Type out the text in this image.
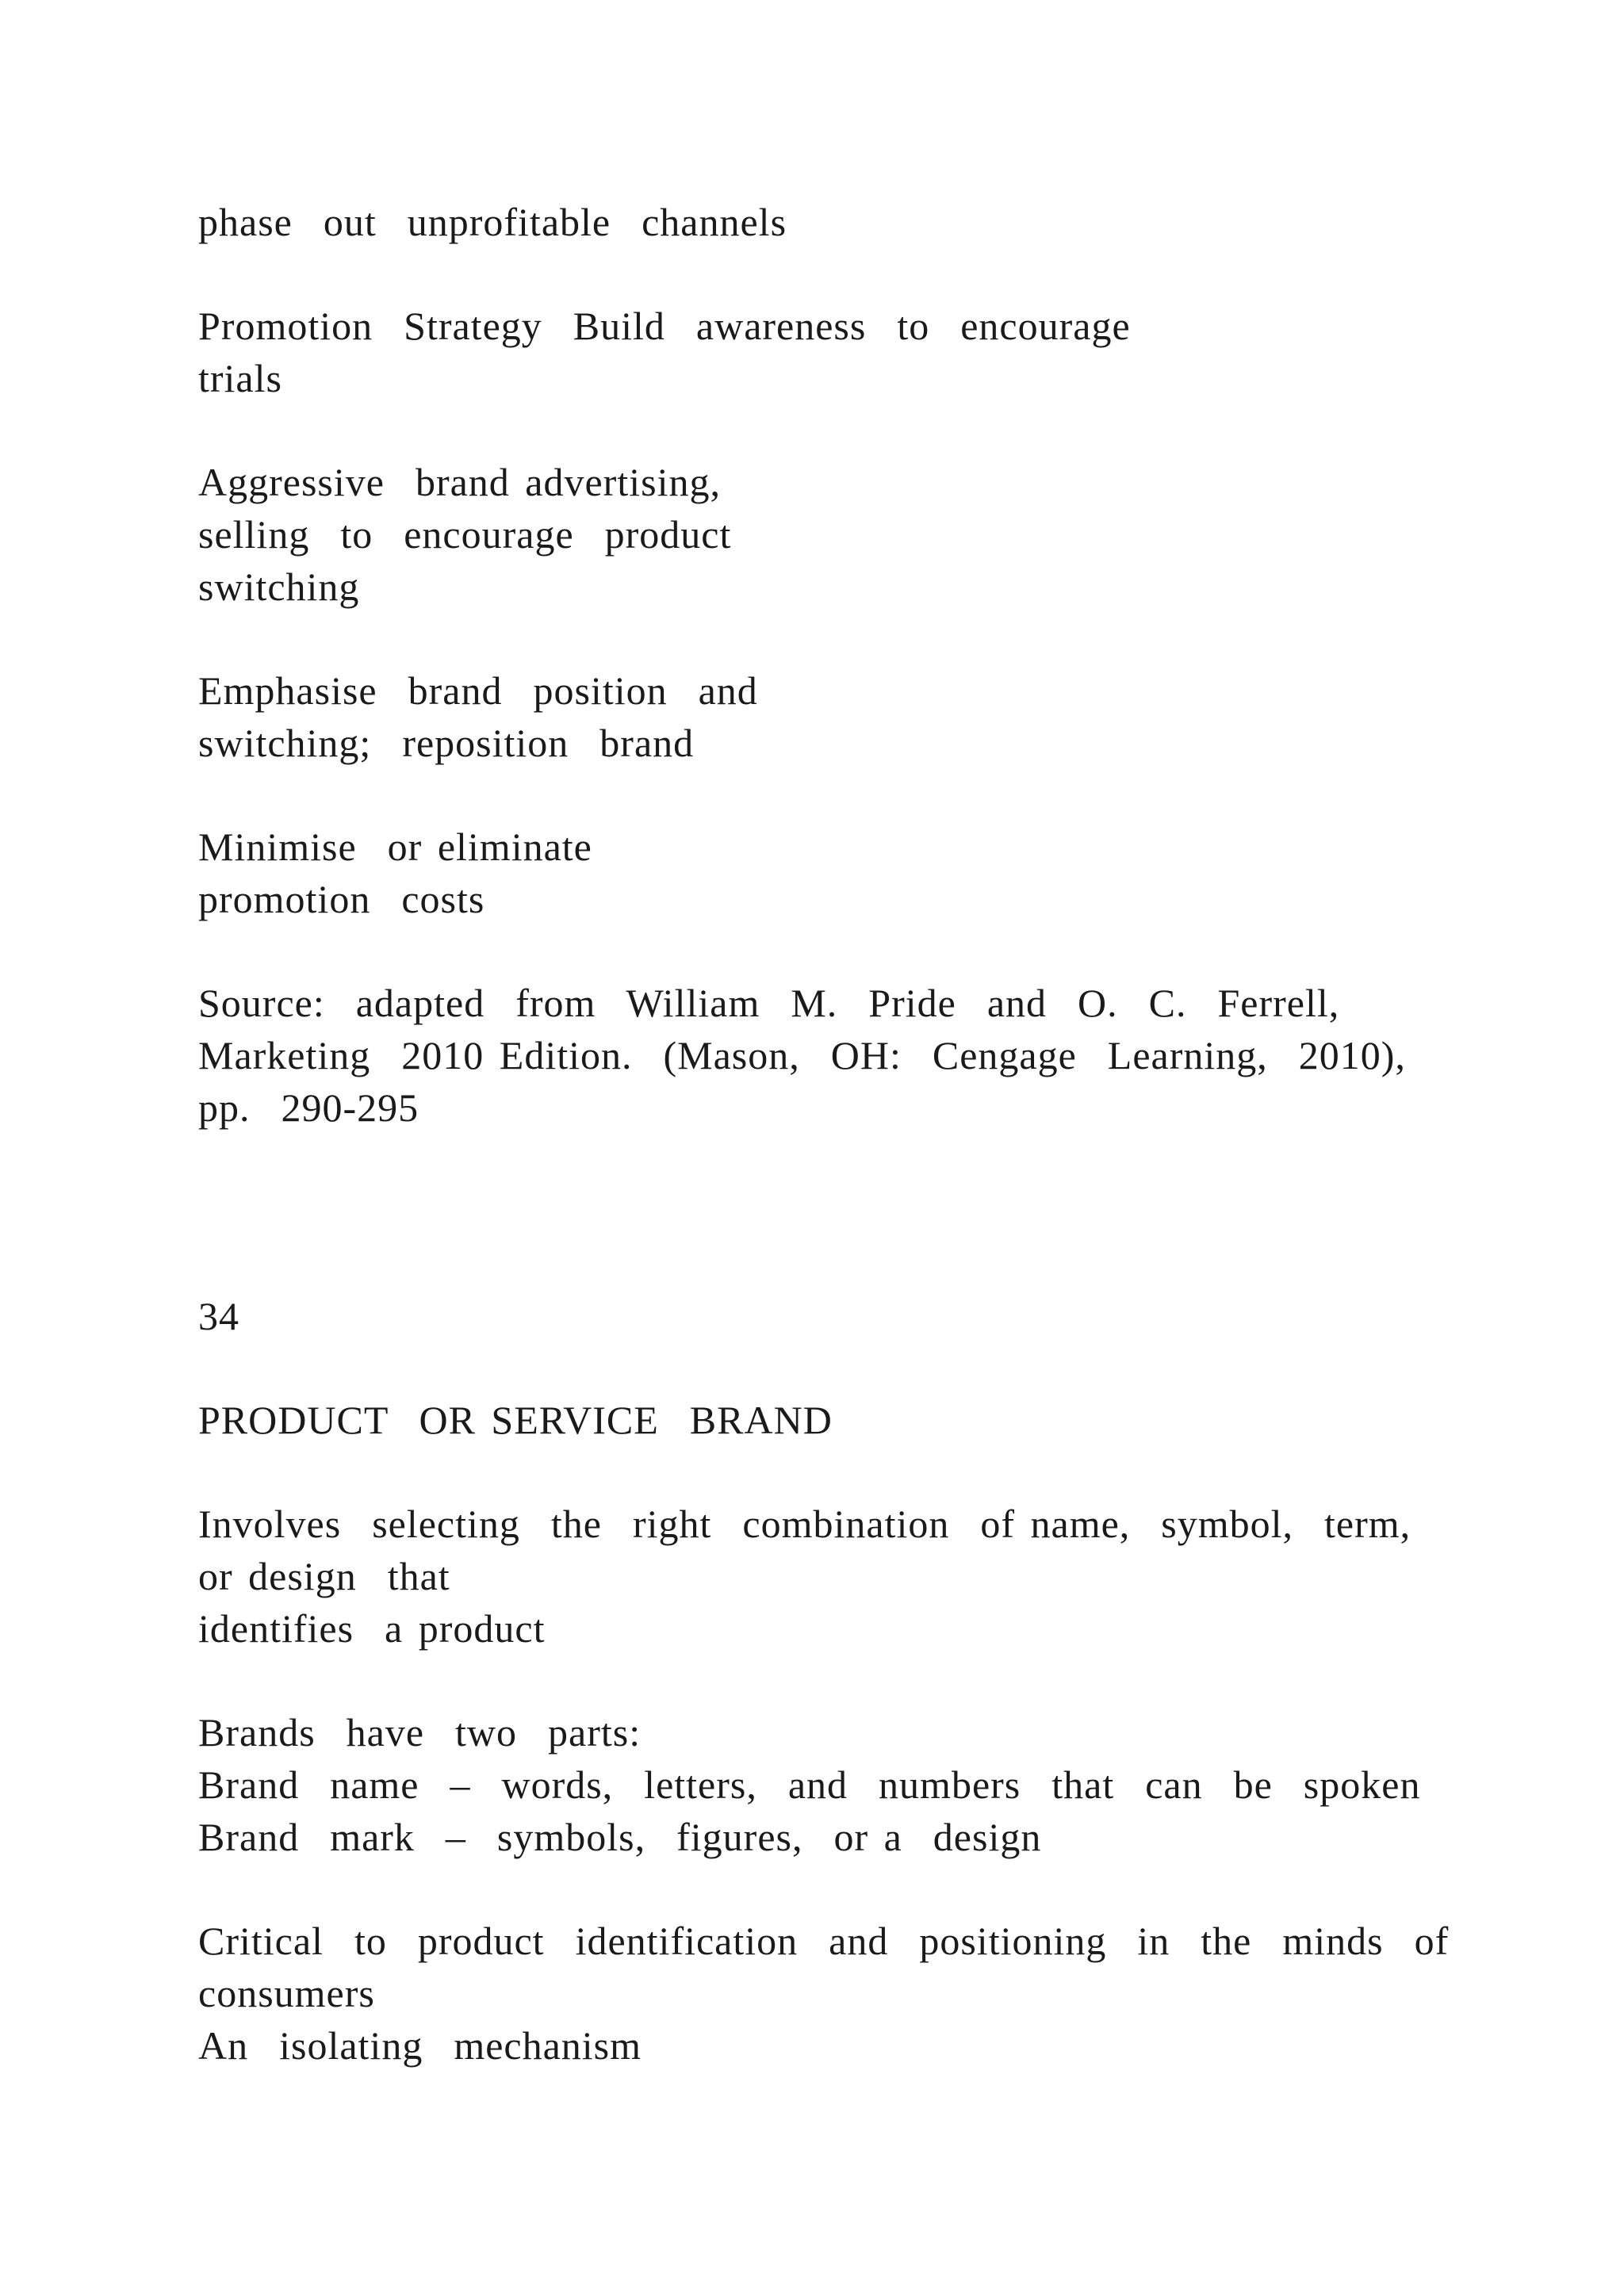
phase  out  unprofitable  channels

Promotion  Strategy  Build  awareness  to  encourage

trials

Aggressive  brand advertising,

selling  to  encourage  product

switching

Emphasise  brand  position  and

switching;  reposition  brand

Minimise  or eliminate

promotion  costs

Source:  adapted  from  William  M.  Pride  and  O.  C.  Ferrell,

Marketing  2010 Edition.  (Mason,  OH:  Cengage  Learning,  2010),

pp.  290-295

34

PRODUCT  OR SERVICE  BRAND

Involves  selecting  the  right  combination  of name,  symbol,  term,

or design  that

identifies  a product

Brands  have  two  parts:

Brand  name  –  words,  letters,  and  numbers  that  can  be  spoken

Brand  mark  –  symbols,  figures,  or a  design

Critical  to  product  identification  and  positioning  in  the  minds  of

consumers

An  isolating  mechanism
